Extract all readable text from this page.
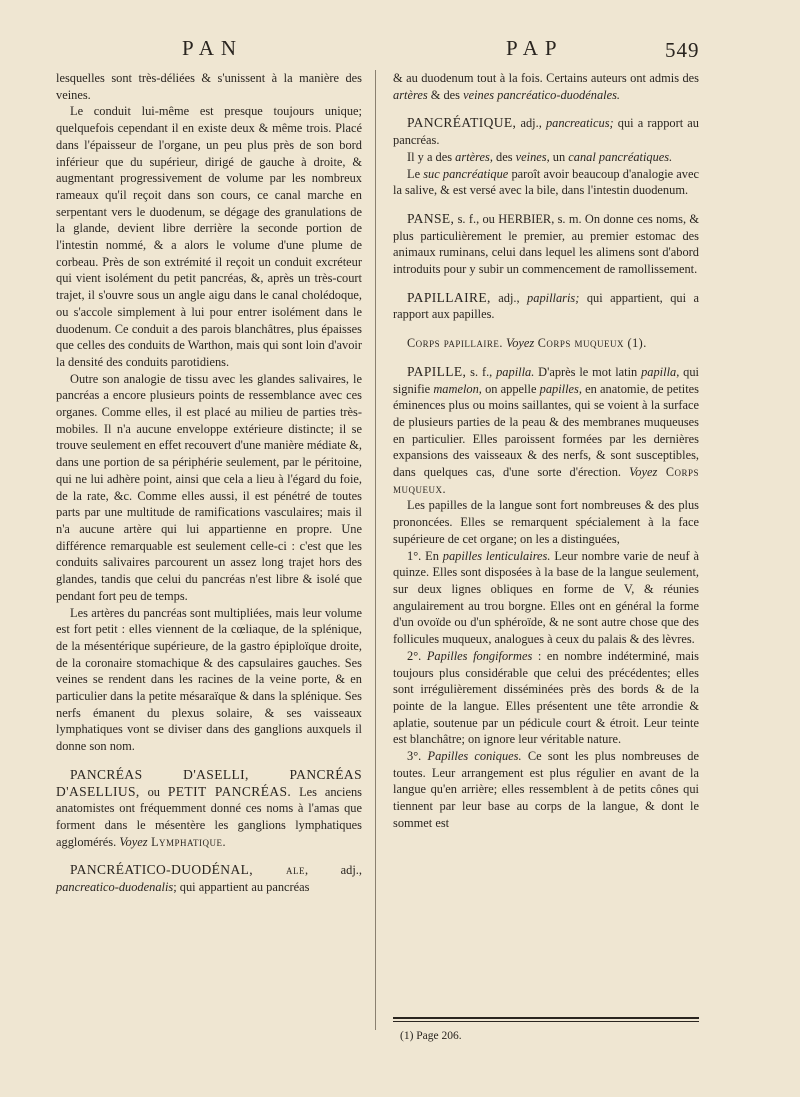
PAN	PAP	549

lesquelles sont très-déliées & s'unissent à la manière des veines.

Le conduit lui-même est presque toujours unique; quelquefois cependant il en existe deux & même trois. Placé dans l'épaisseur de l'organe, un peu plus près de son bord inférieur que du supérieur, dirigé de gauche à droite, & augmentant progressivement de volume par les nombreux rameaux qu'il reçoit dans son cours, ce canal marche en serpentant vers le duodenum, se dégage des granulations de la glande, devient libre derrière la seconde portion de l'intestin nommé, & a alors le volume d'une plume de corbeau. Près de son extrémité il reçoit un conduit excréteur qui vient isolément du petit pancréas, &, après un très-court trajet, il s'ouvre sous un angle aigu dans le canal cholédoque, ou s'accole simplement à lui pour entrer isolément dans le duodenum. Ce conduit a des parois blanchâtres, plus épaisses que celles des conduits de Warthon, mais qui sont loin d'avoir la densité des conduits parotidiens.

Outre son analogie de tissu avec les glandes salivaires, le pancréas a encore plusieurs points de ressemblance avec ces organes. Comme elles, il est placé au milieu de parties très-mobiles. Il n'a aucune enveloppe extérieure distincte; il se trouve seulement en effet recouvert d'une manière médiate &, dans une portion de sa périphérie seulement, par le péritoine, qui ne lui adhère point, ainsi que cela a lieu à l'égard du foie, de la rate, &c. Comme elles aussi, il est pénétré de toutes parts par une multitude de ramifications vasculaires; mais il n'a aucune artère qui lui appartienne en propre. Une différence remarquable est seulement celle-ci : c'est que les conduits salivaires parcourent un assez long trajet hors des glandes, tandis que celui du pancréas n'est libre & isolé que pendant fort peu de temps.

Les artères du pancréas sont multipliées, mais leur volume est fort petit : elles viennent de la cœliaque, de la splénique, de la mésentérique supérieure, de la gastro épiploïque droite, de la coronaire stomachique & des capsulaires gauches. Ses veines se rendent dans les racines de la veine porte, & en particulier dans la petite mésaraïque & dans la splénique. Ses nerfs émanent du plexus solaire, & ses vaisseaux lymphatiques vont se diviser dans des ganglions auxquels il donne son nom.

PANCRÉAS D'ASELLI, PANCRÉAS D'ASELLIUS, ou PETIT PANCRÉAS. Les anciens anatomistes ont fréquemment donné ces noms à l'amas que forment dans le mésentère les ganglions lymphatiques agglomérés. Voyez Lymphatique.

PANCRÉATICO-DUODÉNAL, ale, adj., pancreatico-duodenalis; qui appartient au pancréas

& au duodenum tout à la fois. Certains auteurs ont admis des artères & des veines pancréatico-duodénales.

PANCRÉATIQUE, adj., pancreaticus; qui a rapport au pancréas.

Il y a des artères, des veines, un canal pancréatiques.

Le suc pancréatique paroît avoir beaucoup d'analogie avec la salive, & est versé avec la bile, dans l'intestin duodenum.

PANSE, s. f., ou HERBIER, s. m. On donne ces noms, & plus particulièrement le premier, au premier estomac des animaux ruminans, celui dans lequel les alimens sont d'abord introduits pour y subir un commencement de ramollissement.

PAPILLAIRE, adj., papillaris; qui appartient, qui a rapport aux papilles.

Corps papillaire. Voyez Corps muqueux (1).

PAPILLE, s. f., papilla. D'après le mot latin papilla, qui signifie mamelon, on appelle papilles, en anatomie, de petites éminences plus ou moins saillantes, qui se voient à la surface de plusieurs parties de la peau & des membranes muqueuses en particulier. Elles paroissent formées par les dernières expansions des vaisseaux & des nerfs, & sont susceptibles, dans quelques cas, d'une sorte d'érection. Voyez Corps muqueux.

Les papilles de la langue sont fort nombreuses & des plus prononcées. Elles se remarquent spécialement à la face supérieure de cet organe; on les a distinguées,

1°. En papilles lenticulaires. Leur nombre varie de neuf à quinze. Elles sont disposées à la base de la langue seulement, sur deux lignes obliques en forme de V, & réunies angulairement au trou borgne. Elles ont en général la forme d'un ovoïde ou d'un sphéroïde, & ne sont autre chose que des follicules muqueux, analogues à ceux du palais & des lèvres.

2°. Papilles fongiformes : en nombre indéterminé, mais toujours plus considérable que celui des précédentes; elles sont irrégulièrement disséminées près des bords & de la pointe de la langue. Elles présentent une tête arrondie & aplatie, soutenue par un pédicule court & étroit. Leur teinte est blanchâtre; on ignore leur véritable nature.

3°. Papilles coniques. Ce sont les plus nombreuses de toutes. Leur arrangement est plus régulier en avant de la langue qu'en arrière; elles ressemblent à de petits cônes qui tiennent par leur base au corps de la langue, & dont le sommet est

(1) Page 206.
